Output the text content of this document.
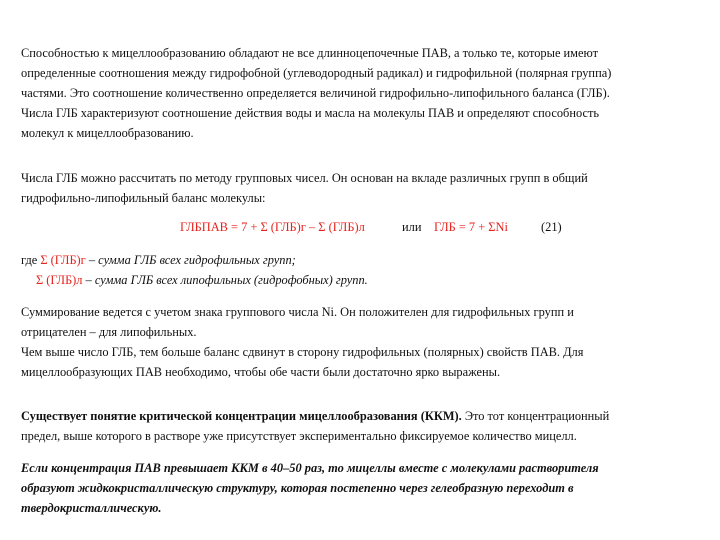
Способностью к мицеллообразованию обладают не все длинноцепочечные ПАВ, а только те, которые имеют
определенные соотношения между гидрофобной (углеводородный радикал) и гидрофильной (полярная группа)
частями. Это соотношение количественно определяется величиной гидрофильно-липофильного баланса (ГЛБ).
Числа ГЛБ характеризуют соотношение действия воды и масла на молекулы ПАВ и определяют способность
молекул к мицеллообразованию.

Числа ГЛБ можно рассчитать по методу групповых чисел. Он основан на вкладе различных групп в общий
гидрофильно-липофильный баланс молекулы:

ГЛБПАВ = 7 + Σ (ГЛБ)г – Σ (ГЛБ)л	или ГЛБ = 7 + ΣNi	(21)

где Σ (ГЛБ)г – сумма ГЛБ всех гидрофильных групп;
Σ (ГЛБ)л – сумма ГЛБ всех липофильных (гидрофобных) групп.

Суммирование ведется с учетом знака группового числа Ni. Он положителен для гидрофильных групп и
отрицателен – для липофильных.
Чем выше число ГЛБ, тем больше баланс сдвинут в сторону гидрофильных (полярных) свойств ПАВ. Для
мицеллообразующих ПАВ необходимо, чтобы обе части были достаточно ярко выражены.

Существует понятие критической концентрации мицеллообразования (ККМ). Это тот концентрационный
предел, выше которого в растворе уже присутствует экспериментально фиксируемое количество мицелл.

Если концентрация ПАВ превышает ККМ в 40–50 раз, то мицеллы вместе с молекулами растворителя
образуют жидкокристаллическую структуру, которая постепенно через гелеобразную переходит в
твердокристаллическую.
